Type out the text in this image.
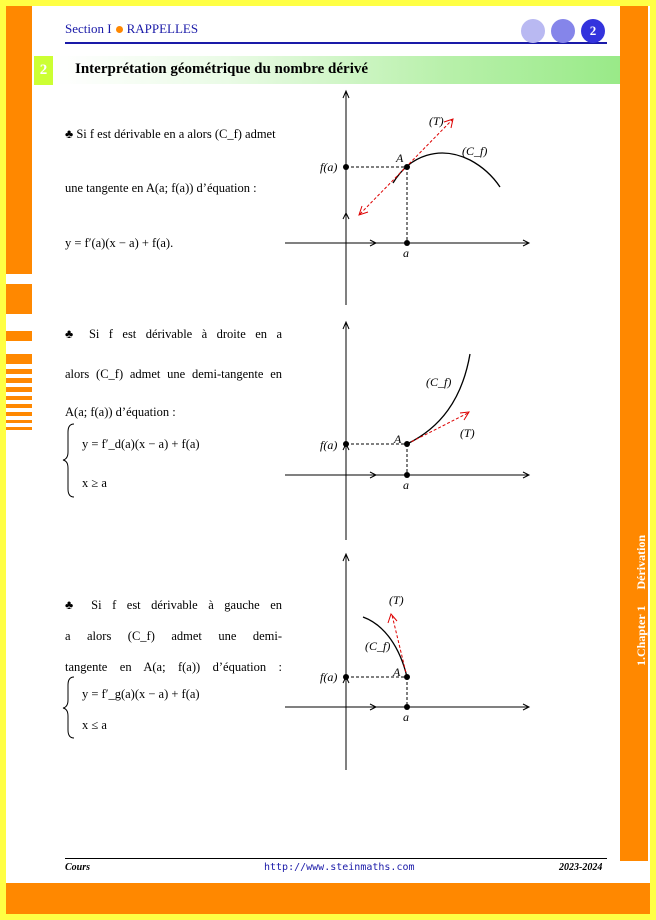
Section I RAPPELLES	2
2	Interprétation géométrique du nombre dérivé
1.Chapter 1Dérivation
♣ Si f est dérivable en a alors (C_f) admet
une tangente en A(a; f(a)) d’équation :
y = f′(a)(x − a) + f(a).
♣ Si f est dérivable à droite en a
alors (C_f) admet une demi-tangente en
A(a; f(a)) d’équation :
y = f′_d(a)(x − a) + f(a)
x ≥ a
♣ Si f est dérivable à gauche en
a alors (C_f) admet une demi-
tangente en A(a; f(a)) d’équation :
y = f′_g(a)(x − a) + f(a)
x ≤ a
(T)
(C_f)
A
f(a)
a
(C_f)
(T)
A
f(a)
a
(T)
(C_f)
A
f(a)
a
Cours	http://www.steinmaths.com	2023-2024
